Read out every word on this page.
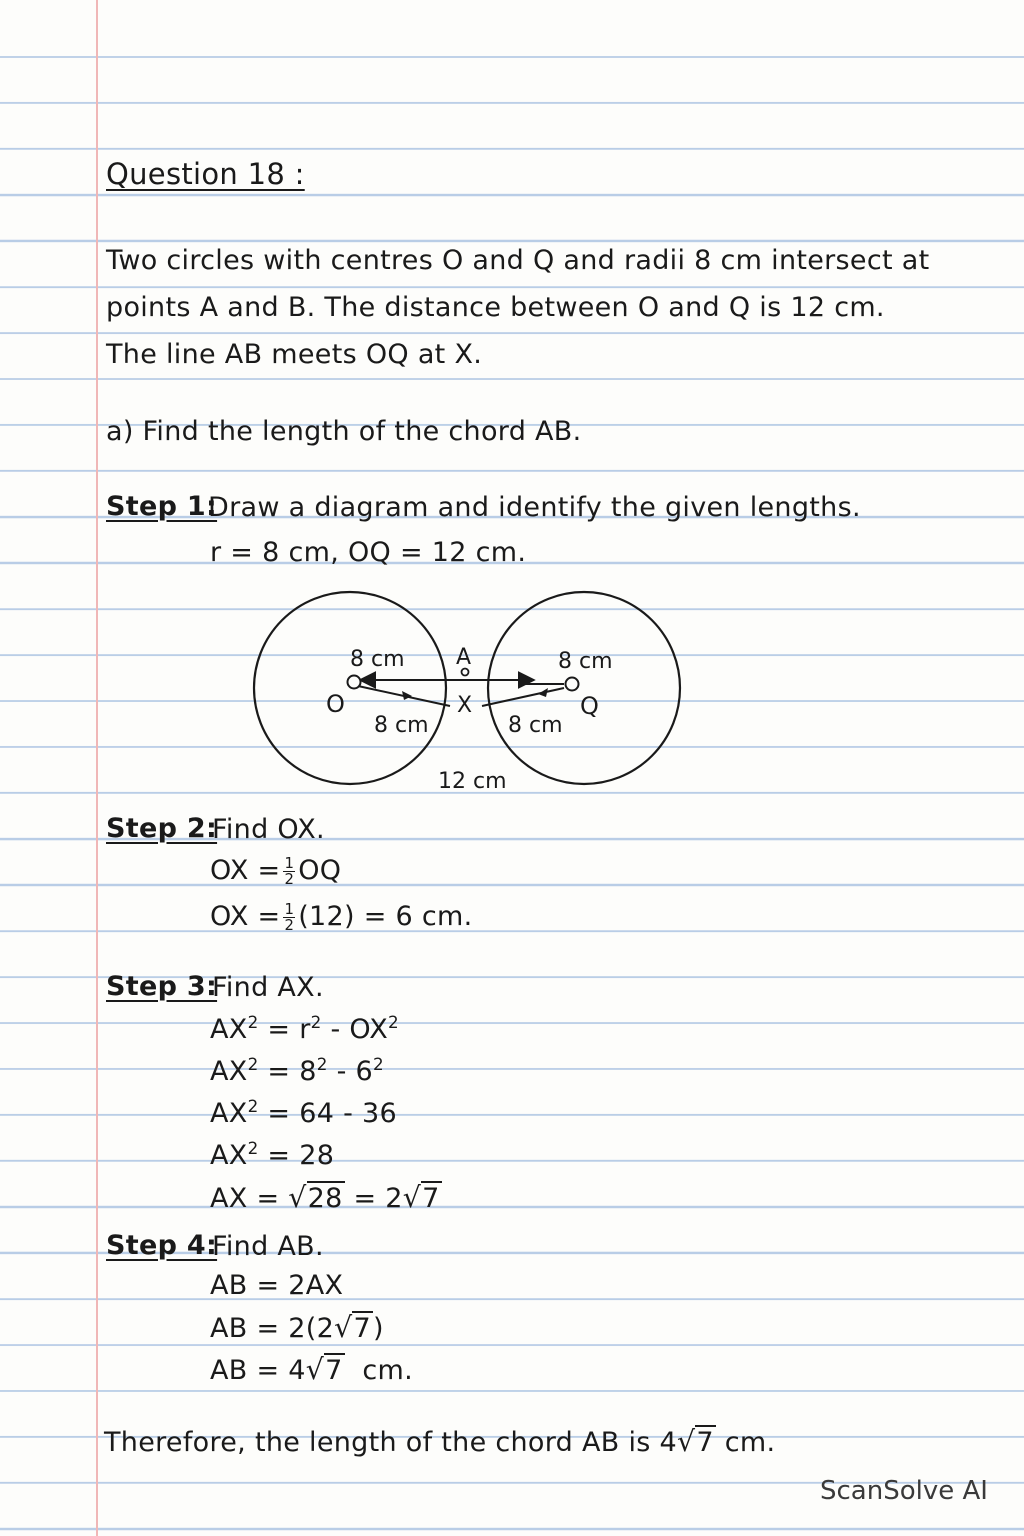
Question 18 :
Two circles with centres O and Q and radii 8 cm intersect at
points A and B. The distance between O and Q is 12 cm.
The line AB meets OQ at X.
a) Find the length of the chord AB.
Step 1:
Draw a diagram and identify the given lengths.
r = 8 cm, OQ = 12 cm.
8 cm	8 cm
A
O	Q
X
8 cm	8 cm
12 cm
Step 2:
Find OX.
OX = $\frac{1}{2}$ OQ
OX = $\frac{1}{2} (12) = 6$ cm.
Step 3:
Find AX.
$AX^2 = r^2 - OX^2$
$AX^2 = 8^2 - 6^2$
$AX^2 = 64 - 36$
$AX^2 = 28$
AX = √28 = 2√7
Step 4:
Find AB.
AB = 2AX
AB = 2(2√7)
AB = 4√7 cm.
Therefore, the length of the chord AB is 4√7 cm.
ScanSolve AI
